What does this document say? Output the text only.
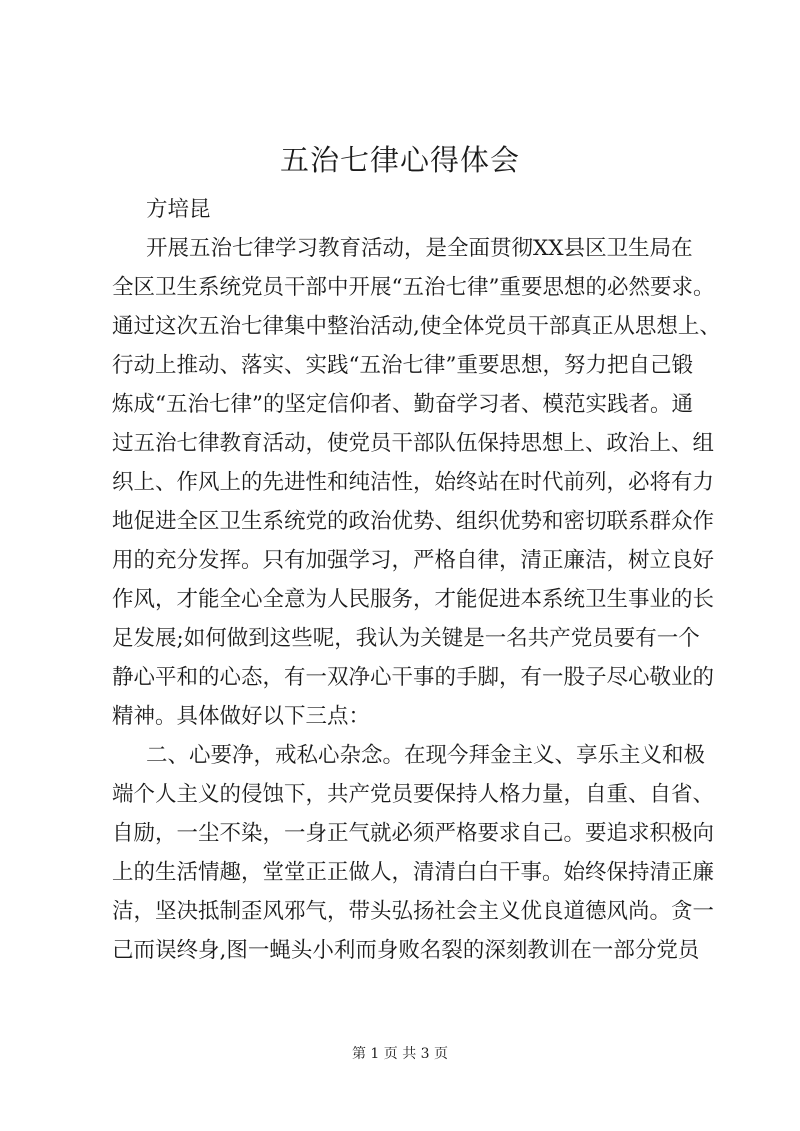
五治七律心得体会
方培昆
开展五治七律学习教育活动，是全面贯彻XX县区卫生局在
全区卫生系统党员干部中开展“五治七律”重要思想的必然要求。
通过这次五治七律集中整治活动,使全体党员干部真正从思想上、
行动上推动、落实、实践“五治七律”重要思想，努力把自己锻
炼成“五治七律”的坚定信仰者、勤奋学习者、模范实践者。通
过五治七律教育活动，使党员干部队伍保持思想上、政治上、组
织上、作风上的先进性和纯洁性，始终站在时代前列，必将有力
地促进全区卫生系统党的政治优势、组织优势和密切联系群众作
用的充分发挥。只有加强学习，严格自律，清正廉洁，树立良好
作风，才能全心全意为人民服务，才能促进本系统卫生事业的长
足发展;如何做到这些呢，我认为关键是一名共产党员要有一个
静心平和的心态，有一双净心干事的手脚，有一股子尽心敬业的
精神。具体做好以下三点：
二、心要净，戒私心杂念。在现今拜金主义、享乐主义和极
端个人主义的侵蚀下，共产党员要保持人格力量，自重、自省、
自励，一尘不染，一身正气就必须严格要求自己。要追求积极向
上的生活情趣，堂堂正正做人，清清白白干事。始终保持清正廉
洁，坚决抵制歪风邪气，带头弘扬社会主义优良道德风尚。贪一
己而误终身,图一蝇头小利而身败名裂的深刻教训在一部分党员
第 1 页 共 3 页
